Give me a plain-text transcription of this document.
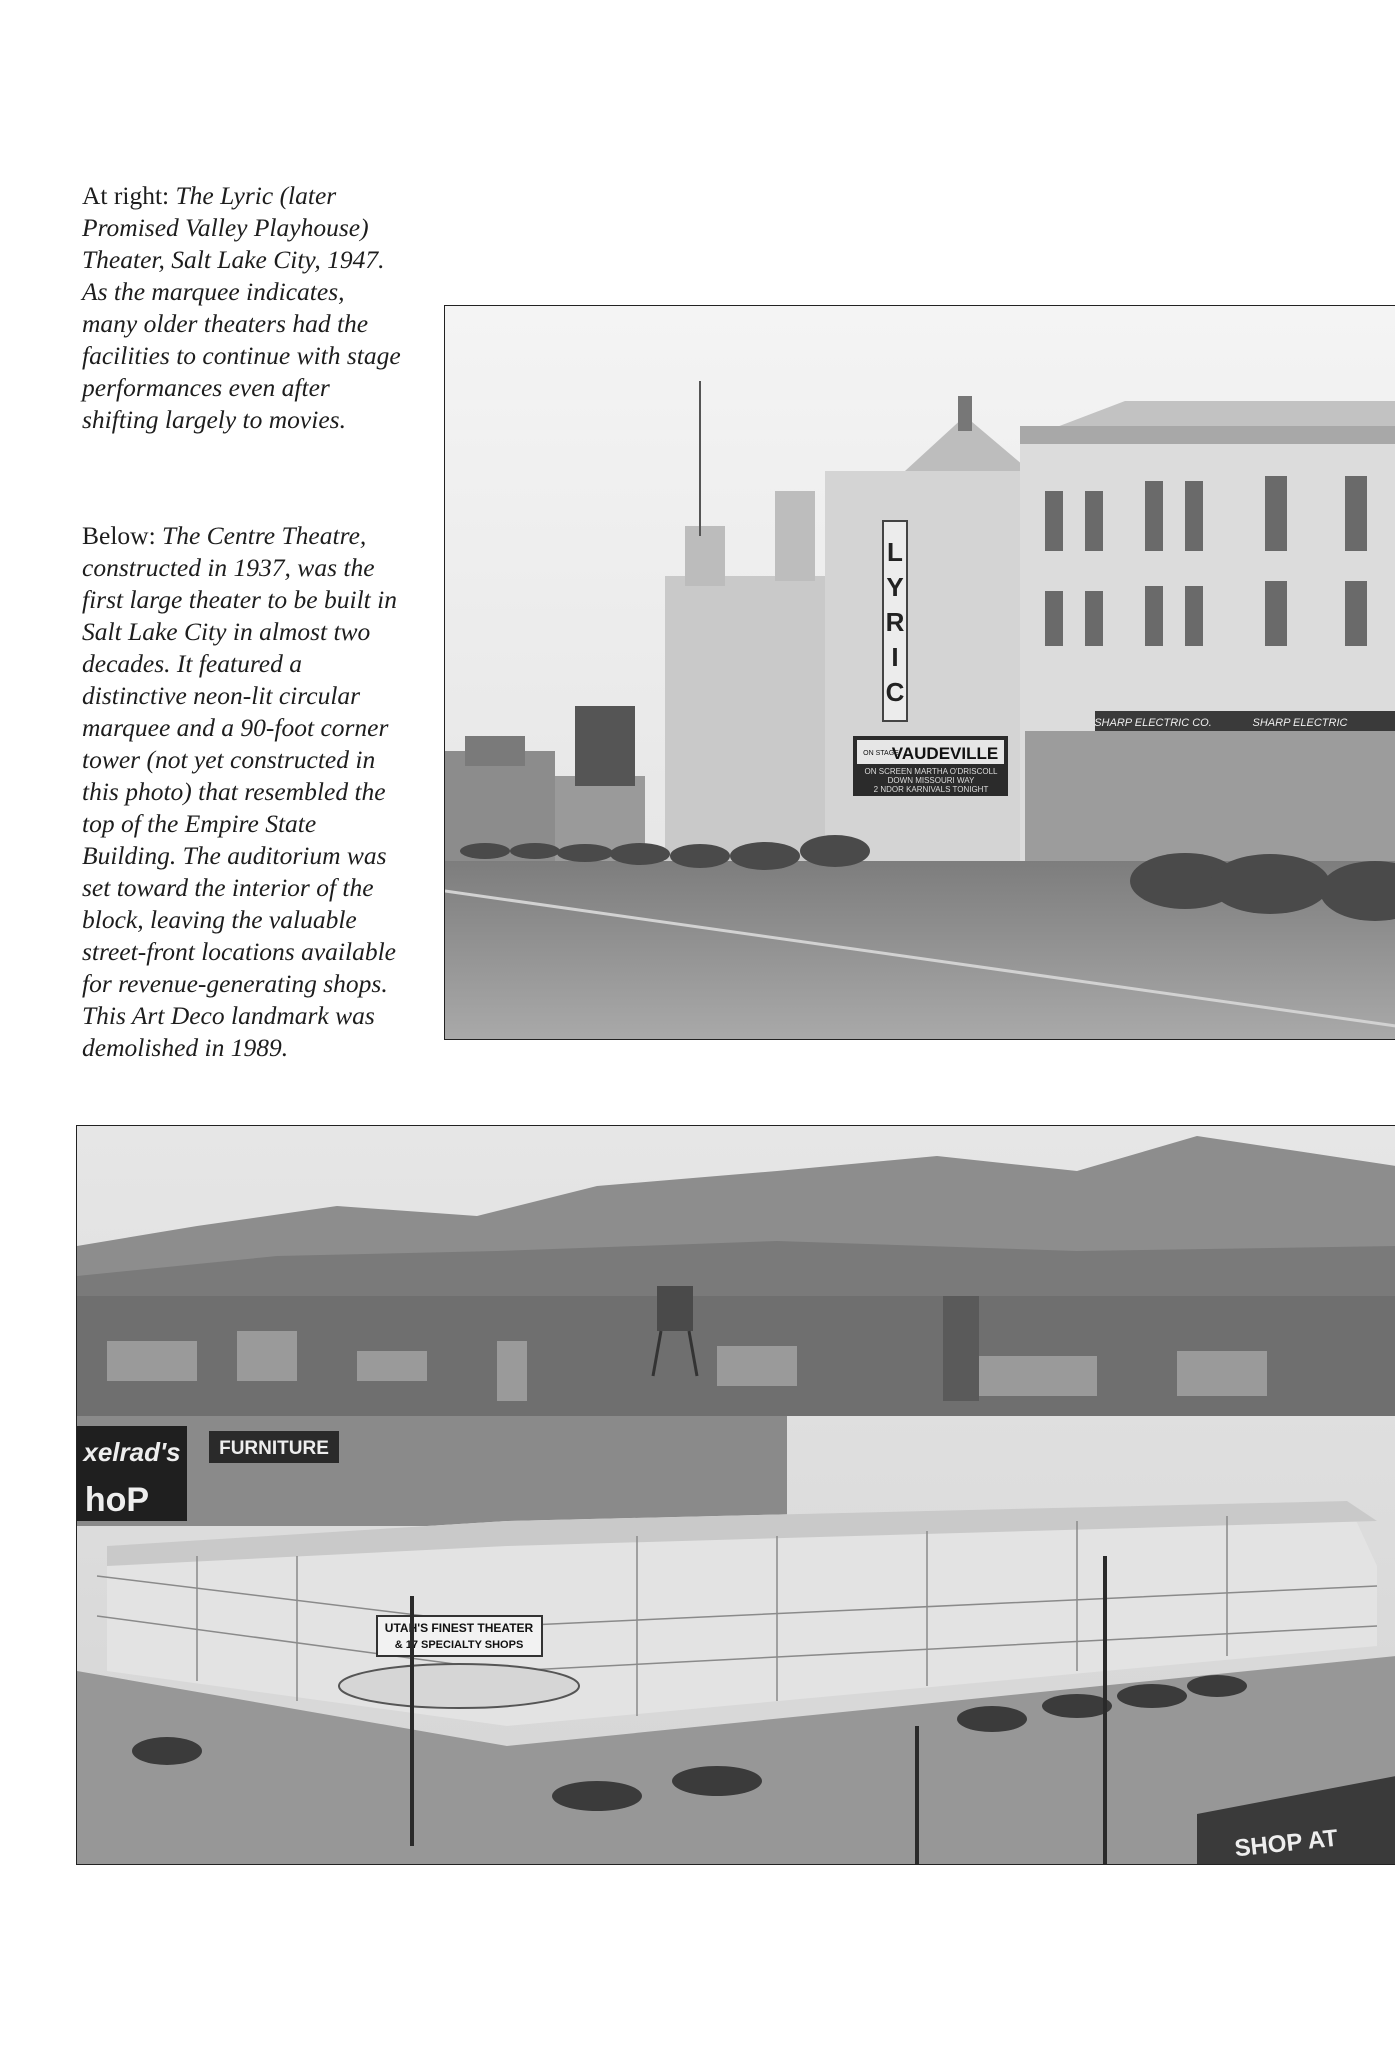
At right: The Lyric (later Promised Valley Playhouse) Theater, Salt Lake City, 1947. As the marquee indicates, many older theaters had the facilities to continue with stage performances even after shifting largely to movies.

Below: The Centre Theatre, constructed in 1937, was the first large theater to be built in Salt Lake City in almost two decades. It featured a distinctive neon-lit circular marquee and a 90-foot corner tower (not yet constructed in this photo) that resembled the top of the Empire State Building. The auditorium was set toward the interior of the block, leaving the valuable street-front locations available for revenue-generating shops. This Art Deco landmark was demolished in 1989.

L
Y
R
I
C
VAUDEVILLE
ON STAGE
ON SCREEN MARTHA O'DRISCOLL
DOWN MISSOURI WAY
2 NDOR KARNIVALS TONIGHT
SHARP ELECTRIC CO.	SHARP ELECTRIC
xelrad's
hoP
FURNITURE
UTAH'S FINEST THEATER
& 17 SPECIALTY SHOPS
SHOP AT
